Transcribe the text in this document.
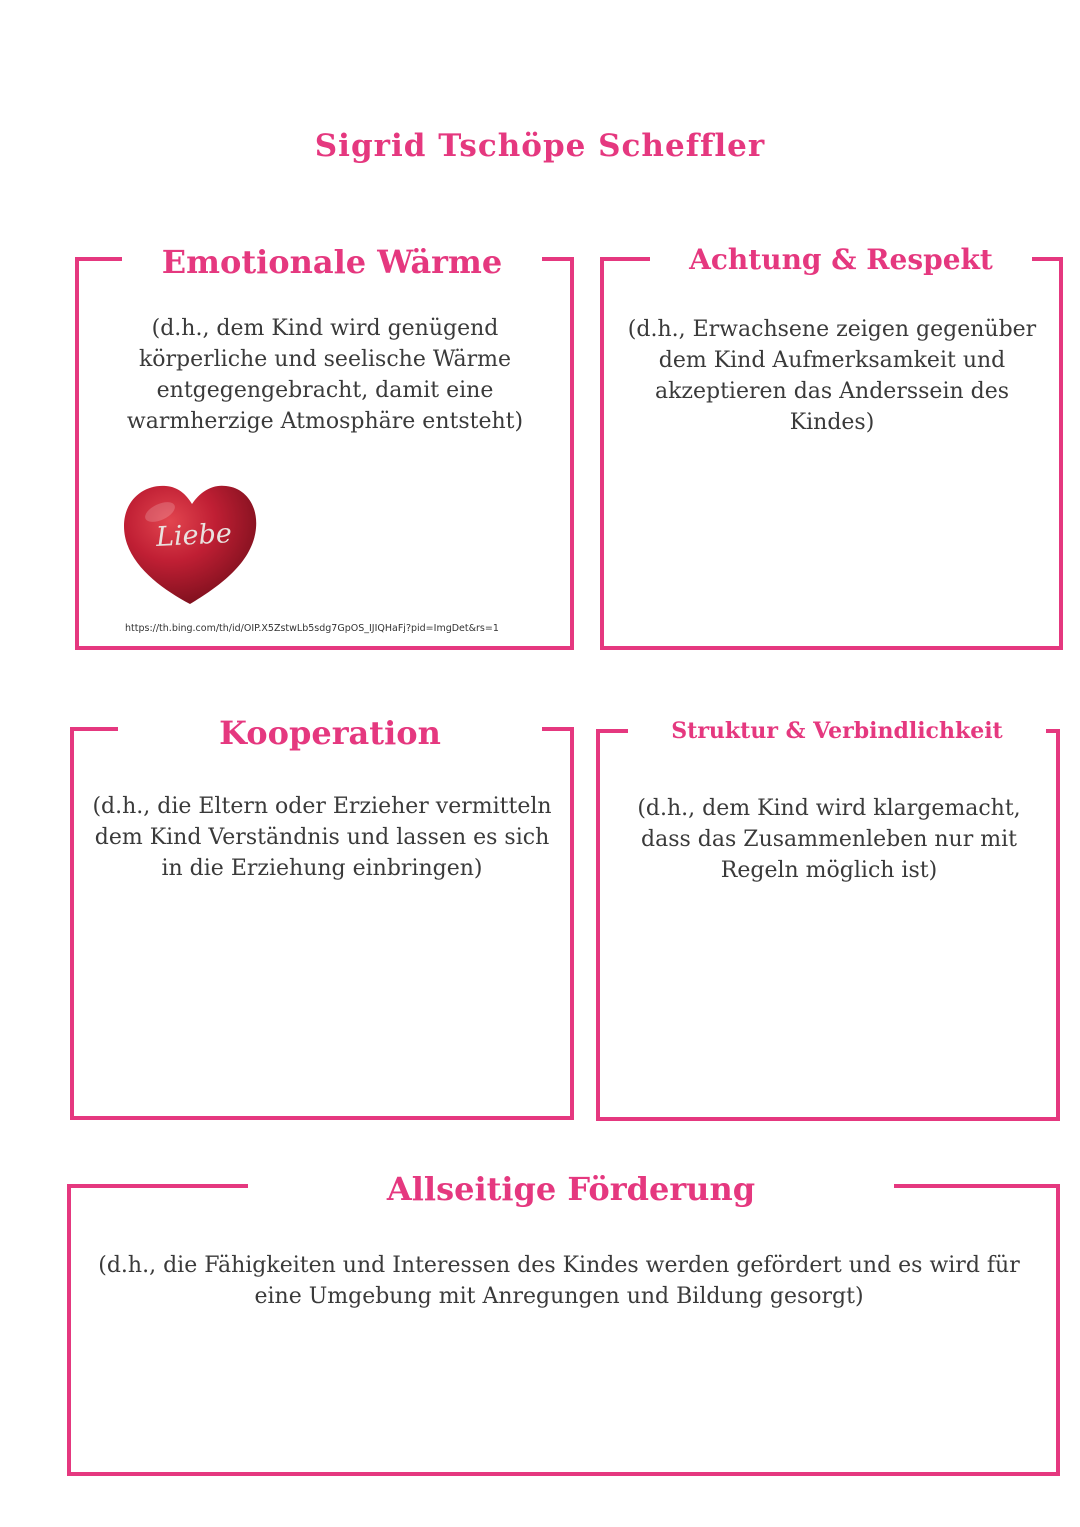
Sigrid Tschöpe Scheffler
Emotionale Wärme
(d.h., dem Kind wird genügend körperliche und seelische Wärme entgegengebracht, damit eine warmherzige Atmosphäre entsteht)
Liebe
https://th.bing.com/th/id/OIP.X5ZstwLb5sdg7GpOS_IJIQHaFj?pid=ImgDet&rs=1
Achtung & Respekt
(d.h., Erwachsene zeigen gegenüber dem Kind Aufmerksamkeit und akzeptieren das Anderssein des Kindes)
Kooperation
(d.h., die Eltern oder Erzieher vermitteln dem Kind Verständnis und lassen es sich in die Erziehung einbringen)
Struktur & Verbindlichkeit
(d.h., dem Kind wird klargemacht, dass das Zusammenleben nur mit Regeln möglich ist)
Allseitige Förderung
(d.h., die Fähigkeiten und Interessen des Kindes werden gefördert und es wird für eine Umgebung mit Anregungen und Bildung gesorgt)
